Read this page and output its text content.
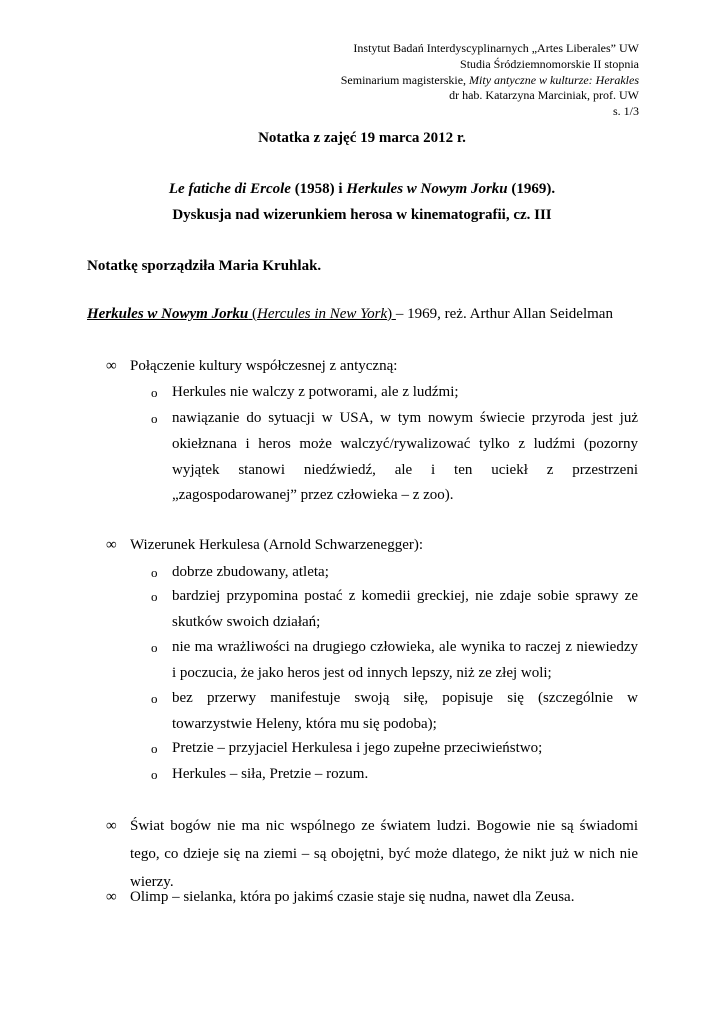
Instytut Badań Interdyscyplinarnych „Artes Liberales” UW
Studia Śródziemnomorskie II stopnia
Seminarium magisterskie, Mity antyczne w kulturze: Herakles
dr hab. Katarzyna Marciniak, prof. UW
s. 1/3
Notatka z zajęć 19 marca 2012 r.
Le fatiche di Ercole (1958) i Herkules w Nowym Jorku (1969).
Dyskusja nad wizerunkiem herosa w kinematografii, cz. III
Notatkę sporządziła Maria Kruhlak.
Herkules w Nowym Jorku (Hercules in New York) – 1969, reż. Arthur Allan Seidelman
∞ Połączenie kultury współczesnej z antyczną:
o Herkules nie walczy z potworami, ale z ludźmi;
o nawiązanie do sytuacji w USA, w tym nowym świecie przyroda jest już okiełznana i heros może walczyć/rywalizować tylko z ludźmi (pozorny wyjątek stanowi niedźwiedź, ale i ten uciekł z przestrzeni „zagospodarowanej” przez człowieka – z zoo).
∞ Wizerunek Herkulesa (Arnold Schwarzenegger):
o dobrze zbudowany, atleta;
o bardziej przypomina postać z komedii greckiej, nie zdaje sobie sprawy ze skutków swoich działań;
o nie ma wrażliwości na drugiego człowieka, ale wynika to raczej z niewiedzy i poczucia, że jako heros jest od innych lepszy, niż ze złej woli;
o bez przerwy manifestuje swoją siłę, popisuje się (szczególnie w towarzystwie Heleny, która mu się podoba);
o Pretzie – przyjaciel Herkulesa i jego zupełne przeciwieństwo;
o Herkules – siła, Pretzie – rozum.
∞ Świat bogów nie ma nic wspólnego ze światem ludzi. Bogowie nie są świadomi tego, co dzieje się na ziemi – są obojętni, być może dlatego, że nikt już w nich nie wierzy.
∞ Olimp – sielanka, która po jakimś czasie staje się nudna, nawet dla Zeusa.
